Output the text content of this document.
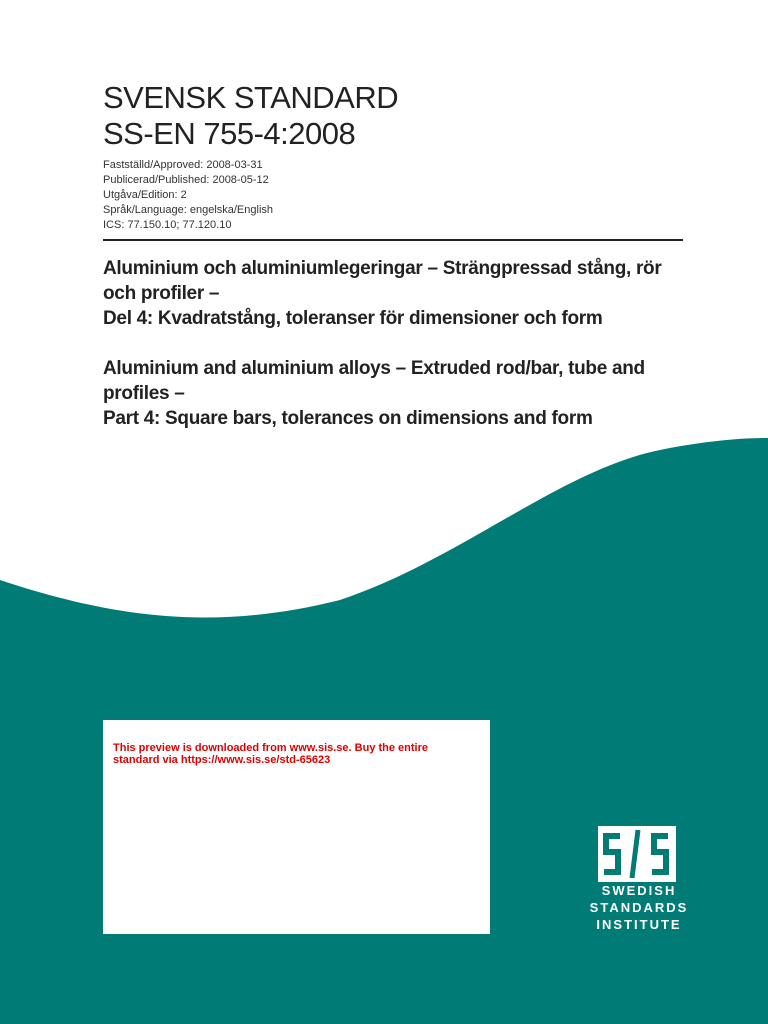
SVENSK STANDARD
SS-EN 755-4:2008
Fastställd/Approved: 2008-03-31
Publicerad/Published: 2008-05-12
Utgåva/Edition: 2
Språk/Language: engelska/English
ICS: 77.150.10; 77.120.10
Aluminium och aluminiumlegeringar – Strängpressad stång, rör
och profiler –
Del 4: Kvadratstång, toleranser för dimensioner och form
Aluminium and aluminium alloys – Extruded rod/bar, tube and
profiles –
Part 4: Square bars, tolerances on dimensions and form
This preview is downloaded from www.sis.se. Buy the entire
standard via https://www.sis.se/std-65623
SWEDISH
STANDARDS
INSTITUTE
